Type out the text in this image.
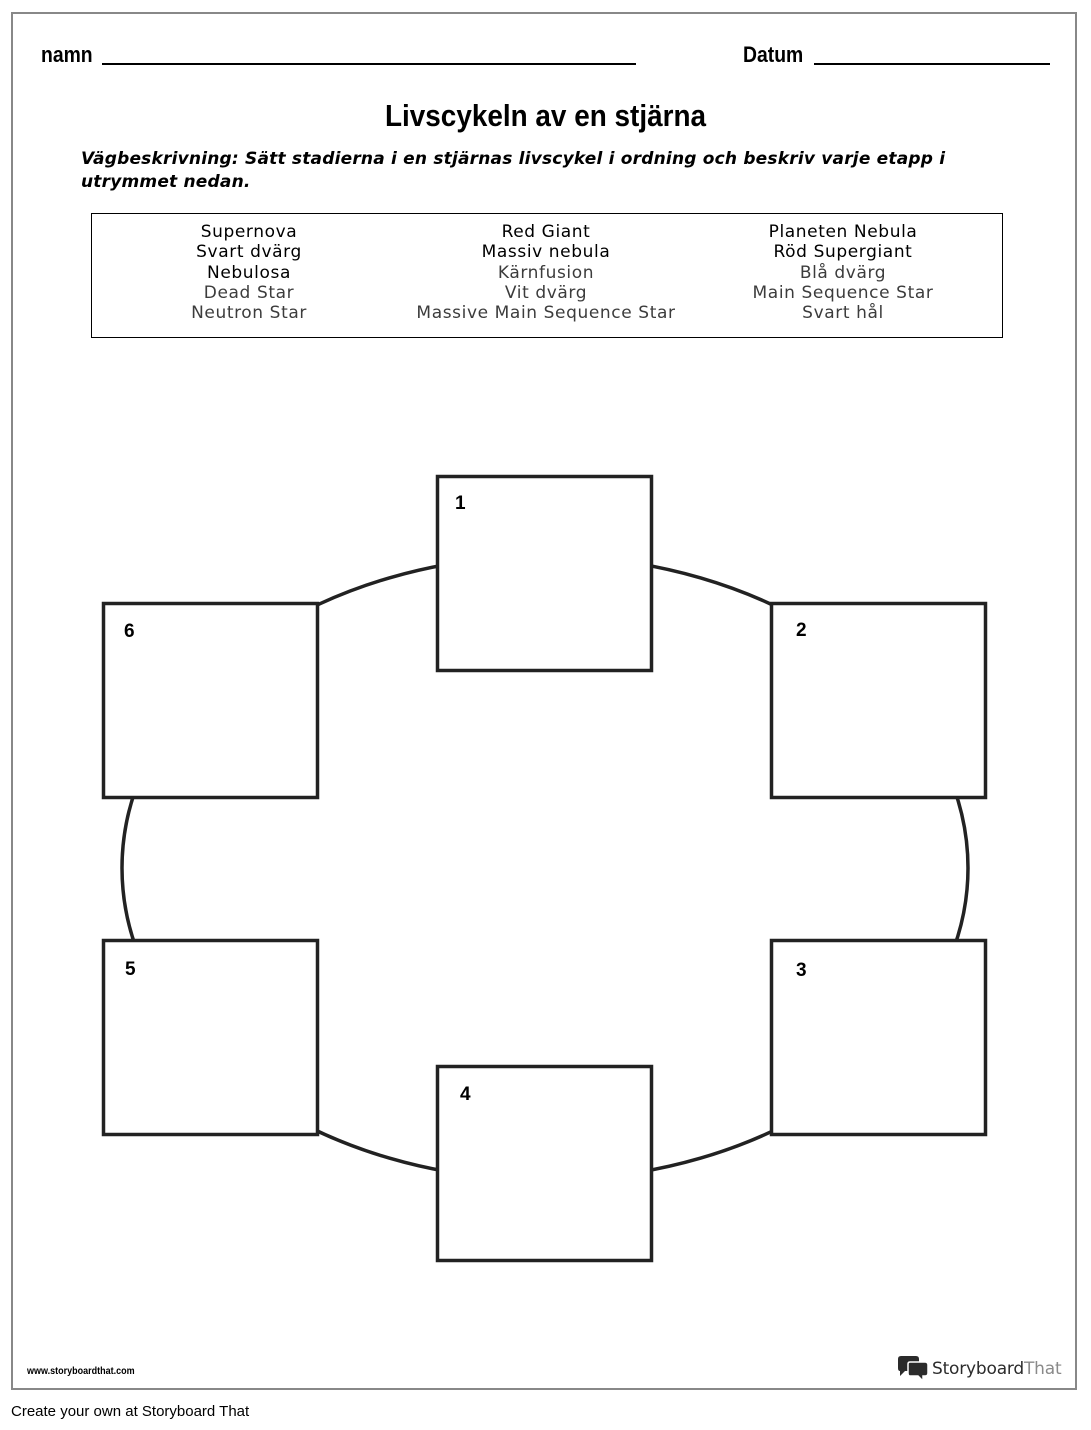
namn	Datum
Livscykeln av en stjärna
Vägbeskrivning: Sätt stadierna i en stjärnas livscykel i ordning och beskriv varje etapp i utrymmet nedan.
Supernova
Svart dvärg
Nebulosa
Dead Star
Neutron Star
Red Giant
Massiv nebula
Kärnfusion
Vit dvärg
Massive Main Sequence Star
Planeten Nebula
Röd Supergiant
Blå dvärg
Main Sequence Star
Svart hål
1
2
3
4
5
6
www.storyboardthat.com	StoryboardThat
Create your own at Storyboard That
